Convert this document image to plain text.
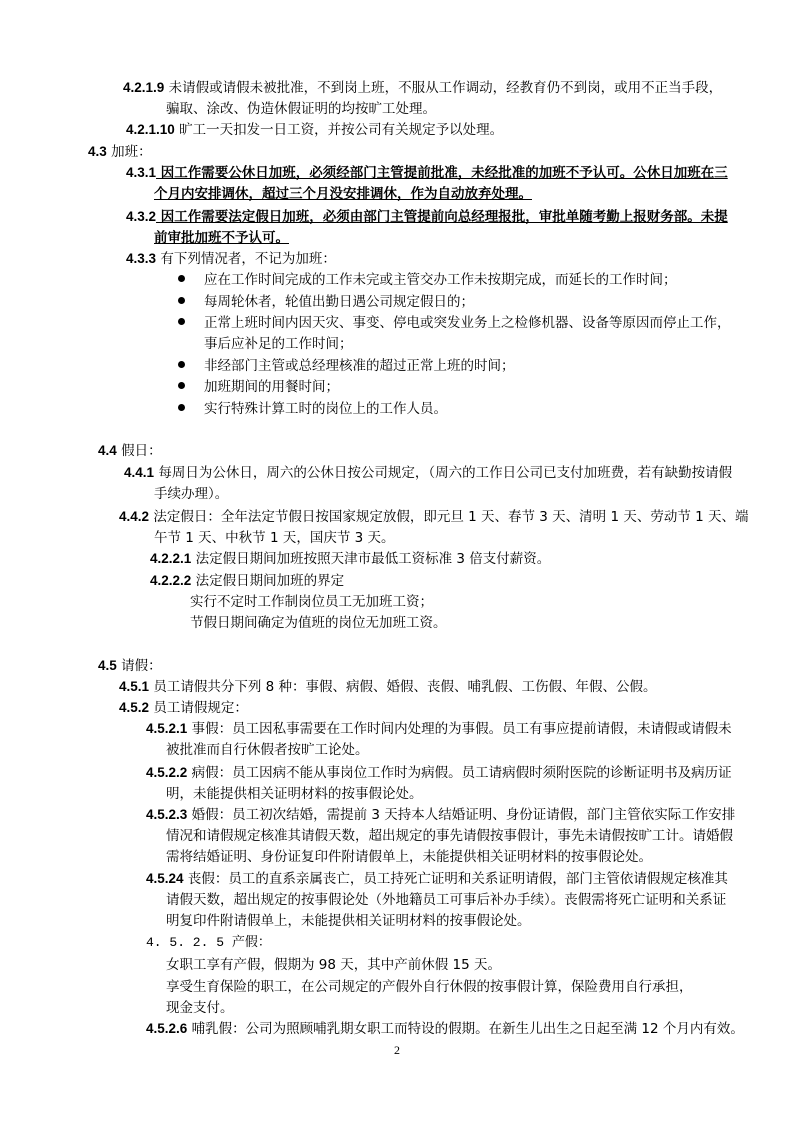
4.2.1.9 未请假或请假未被批准，不到岗上班，不服从工作调动，经教育仍不到岗，或用不正当手段，
骗取、涂改、伪造休假证明的均按旷工处理。
4.2.1.10 旷工一天扣发一日工资，并按公司有关规定予以处理。
4.3 加班：
4.3.1 因工作需要公休日加班，必须经部门主管提前批准，未经批准的加班不予认可。公休日加班在三
个月内安排调休，超过三个月没安排调休，作为自动放弃处理。
4.3.2 因工作需要法定假日加班，必须由部门主管提前向总经理报批，审批单随考勤上报财务部。未提
前审批加班不予认可。
4.3.3 有下列情况者，不记为加班：
应在工作时间完成的工作未完或主管交办工作未按期完成，而延长的工作时间；
每周轮休者，轮值出勤日遇公司规定假日的；
正常上班时间内因天灾、事变、停电或突发业务上之检修机器、设备等原因而停止工作，
事后应补足的工作时间；
非经部门主管或总经理核准的超过正常上班的时间；
加班期间的用餐时间；
实行特殊计算工时的岗位上的工作人员。
4.4 假日：
4.4.1 每周日为公休日，周六的公休日按公司规定，（周六的工作日公司已支付加班费，若有缺勤按请假
手续办理）。
4.4.2 法定假日：全年法定节假日按国家规定放假，即元旦 1 天、春节 3 天、清明 1 天、劳动节 1 天、端
午节 1 天、中秋节 1 天，国庆节 3 天。
4.2.2.1 法定假日期间加班按照天津市最低工资标准 3 倍支付薪资。
4.2.2.2 法定假日期间加班的界定
实行不定时工作制岗位员工无加班工资；
节假日期间确定为值班的岗位无加班工资。
4.5 请假：
4.5.1 员工请假共分下列 8 种：事假、病假、婚假、丧假、哺乳假、工伤假、年假、公假。
4.5.2 员工请假规定：
4.5.2.1 事假：员工因私事需要在工作时间内处理的为事假。员工有事应提前请假，未请假或请假未
被批准而自行休假者按旷工论处。
4.5.2.2 病假：员工因病不能从事岗位工作时为病假。员工请病假时须附医院的诊断证明书及病历证
明，未能提供相关证明材料的按事假论处。
4.5.2.3 婚假：员工初次结婚，需提前 3 天持本人结婚证明、身份证请假，部门主管依实际工作安排
情况和请假规定核准其请假天数，超出规定的事先请假按事假计，事先未请假按旷工计。请婚假
需将结婚证明、身份证复印件附请假单上，未能提供相关证明材料的按事假论处。
4.5.24 丧假：员工的直系亲属丧亡，员工持死亡证明和关系证明请假，部门主管依请假规定核准其
请假天数，超出规定的按事假论处（外地籍员工可事后补办手续）。丧假需将死亡证明和关系证
明复印件附请假单上，未能提供相关证明材料的按事假论处。
4. 5. 2. 5 产假：
女职工享有产假，假期为 98 天，其中产前休假 15 天。
享受生育保险的职工，在公司规定的产假外自行休假的按事假计算，保险费用自行承担，
现金支付。
4.5.2.6 哺乳假：公司为照顾哺乳期女职工而特设的假期。在新生儿出生之日起至满 12 个月内有效。
2
